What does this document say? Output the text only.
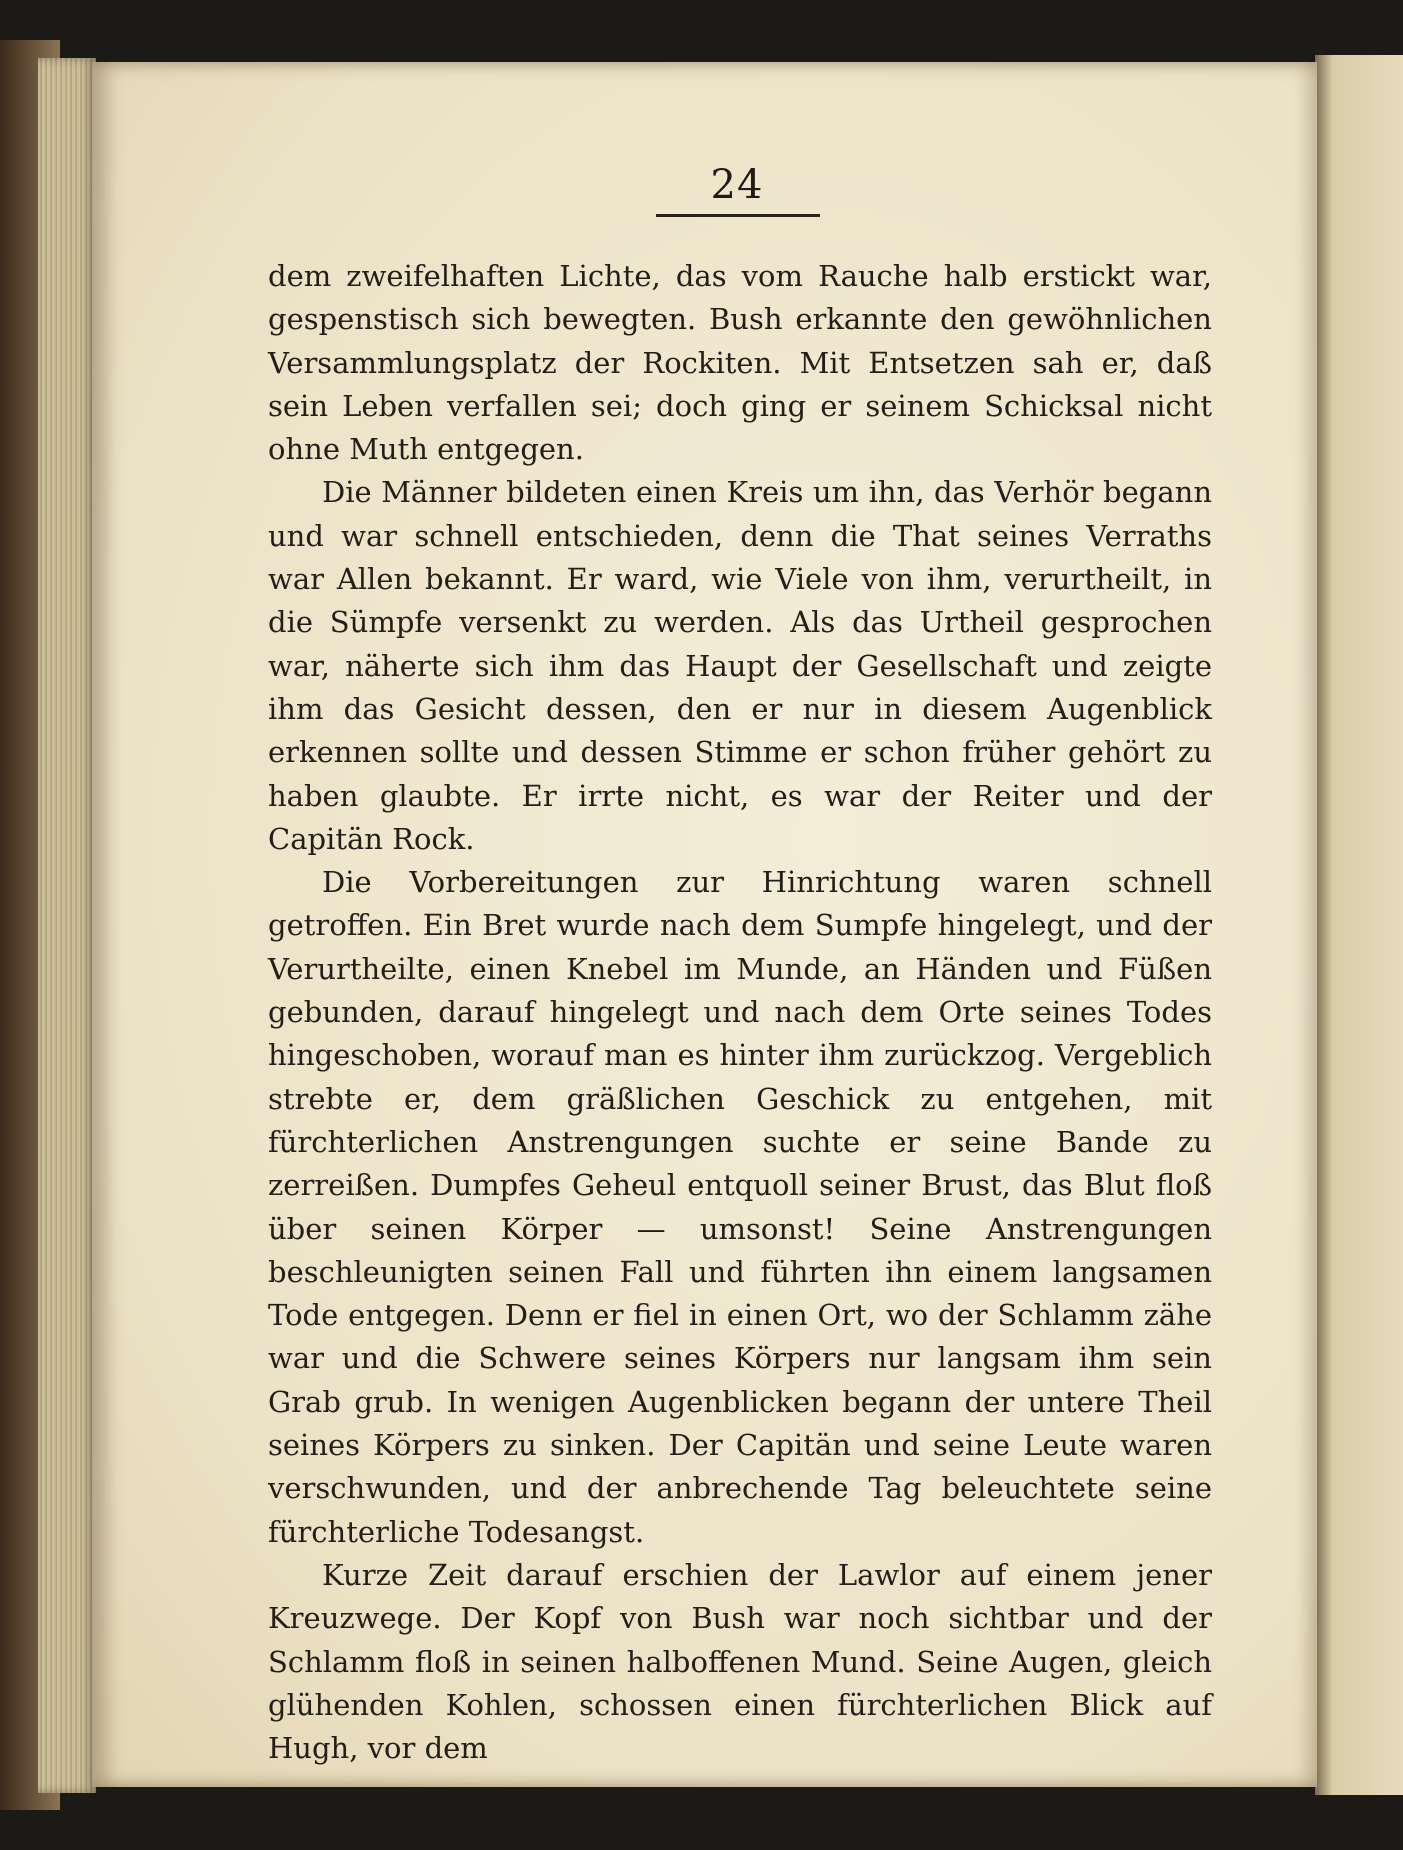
24

dem zweifelhaften Lichte, das vom Rauche halb erstickt war, gespenstisch sich bewegten. Bush erkannte den gewöhnlichen Versammlungsplatz der Rockiten. Mit Entsetzen sah er, daß sein Leben verfallen sei; doch ging er seinem Schicksal nicht ohne Muth entgegen.

Die Männer bildeten einen Kreis um ihn, das Verhör begann und war schnell entschieden, denn die That seines Verraths war Allen bekannt. Er ward, wie Viele von ihm, verurtheilt, in die Sümpfe versenkt zu werden. Als das Urtheil gesprochen war, näherte sich ihm das Haupt der Gesellschaft und zeigte ihm das Gesicht dessen, den er nur in diesem Augenblick erkennen sollte und dessen Stimme er schon früher gehört zu haben glaubte. Er irrte nicht, es war der Reiter und der Capitän Rock.

Die Vorbereitungen zur Hinrichtung waren schnell getroffen. Ein Bret wurde nach dem Sumpfe hingelegt, und der Verurtheilte, einen Knebel im Munde, an Händen und Füßen gebunden, darauf hingelegt und nach dem Orte seines Todes hingeschoben, worauf man es hinter ihm zurückzog. Vergeblich strebte er, dem gräßlichen Geschick zu entgehen, mit fürchterlichen Anstrengungen suchte er seine Bande zu zerreißen. Dumpfes Geheul entquoll seiner Brust, das Blut floß über seinen Körper — umsonst! Seine Anstrengungen beschleunigten seinen Fall und führten ihn einem langsamen Tode entgegen. Denn er fiel in einen Ort, wo der Schlamm zähe war und die Schwere seines Körpers nur langsam ihm sein Grab grub. In wenigen Augenblicken begann der untere Theil seines Körpers zu sinken. Der Capitän und seine Leute waren verschwunden, und der anbrechende Tag beleuchtete seine fürchterliche Todesangst.

Kurze Zeit darauf erschien der Lawlor auf einem jener Kreuzwege. Der Kopf von Bush war noch sichtbar und der Schlamm floß in seinen halboffenen Mund. Seine Augen, gleich glühenden Kohlen, schossen einen fürchterlichen Blick auf Hugh, vor dem
